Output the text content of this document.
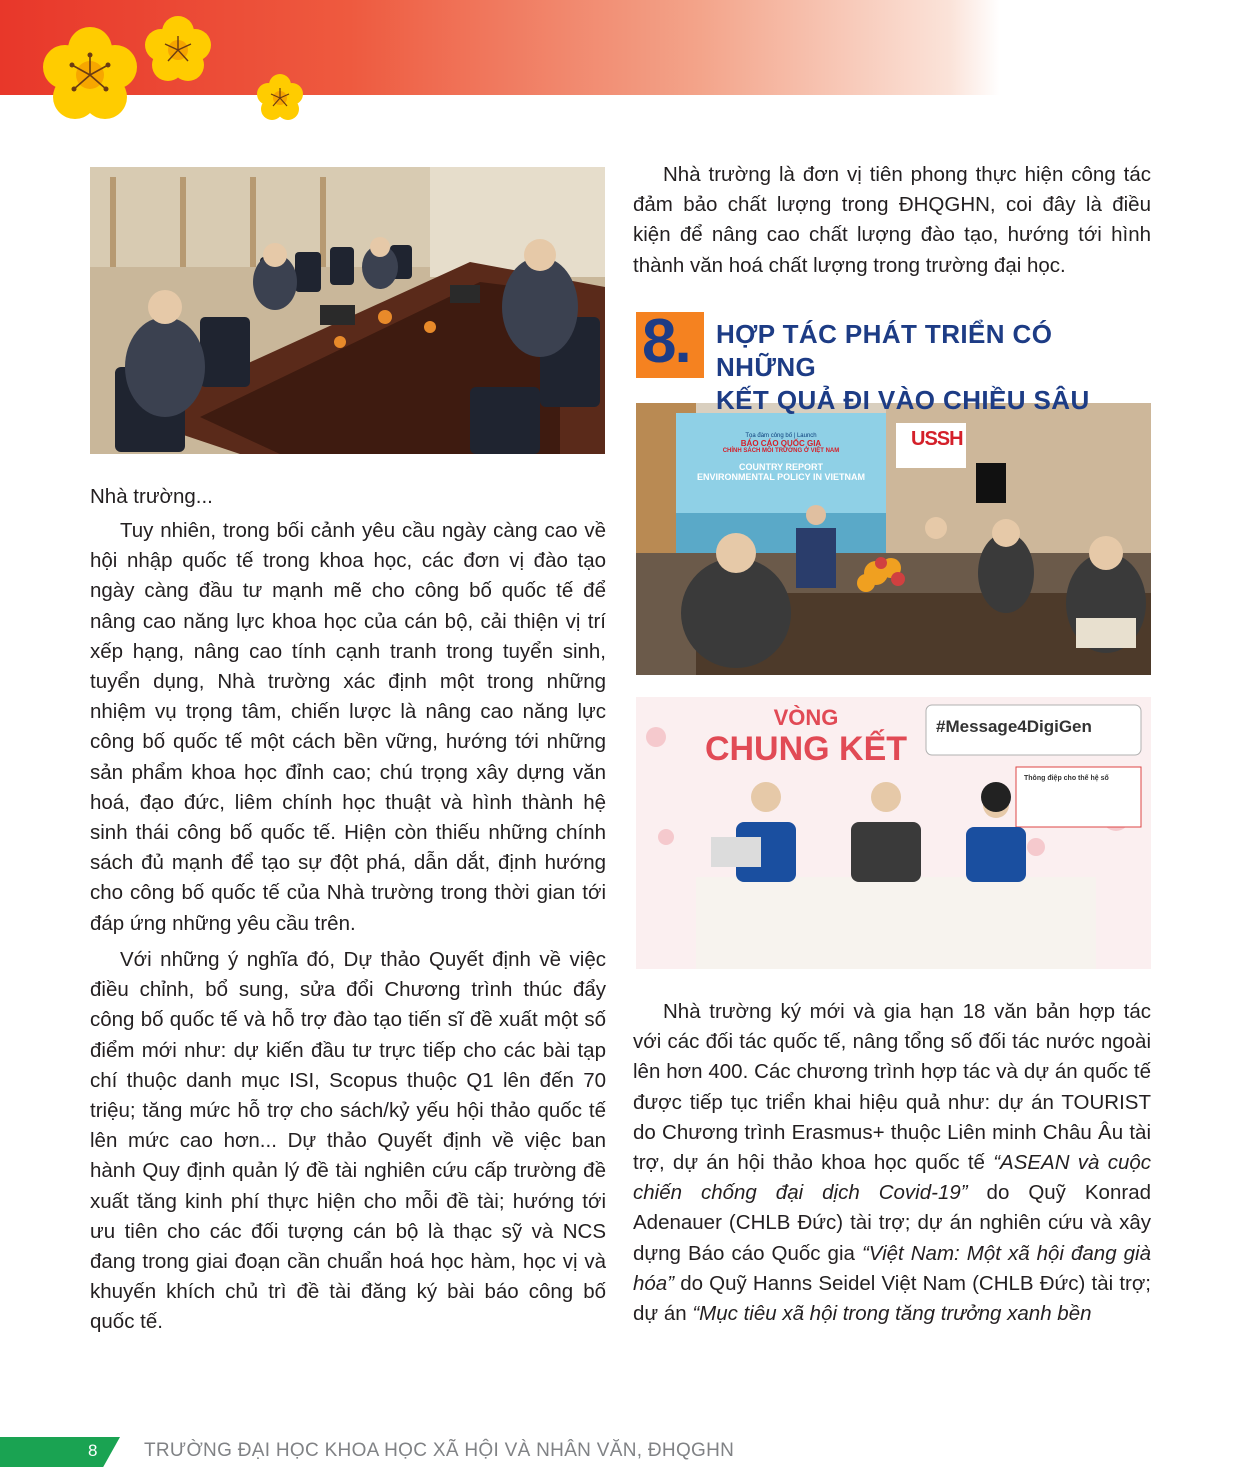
Tọa đàm công bố | Launch
BÁO CÁO QUỐC GIA
CHÍNH SÁCH MÔI TRƯỜNG Ở VIỆT NAM
COUNTRY REPORT
ENVIRONMENTAL POLICY IN VIETNAM
USSH
VÒNG
CHUNG KẾT
#Message4DigiGen
Thông điệp cho thế hệ số

Nhà trường...

Tuy nhiên, trong bối cảnh yêu cầu ngày càng cao về hội nhập quốc tế trong khoa học, các đơn vị đào tạo ngày càng đầu tư mạnh mẽ cho công bố quốc tế để nâng cao năng lực khoa học của cán bộ, cải thiện vị trí xếp hạng, nâng cao tính cạnh tranh trong tuyển sinh, tuyển dụng, Nhà trường xác định một trong những nhiệm vụ trọng tâm, chiến lược là nâng cao năng lực công bố quốc tế một cách bền vững, hướng tới những sản phẩm khoa học đỉnh cao; chú trọng xây dựng văn hoá, đạo đức, liêm chính học thuật và hình thành hệ sinh thái công bố quốc tế. Hiện còn thiếu những chính sách đủ mạnh để tạo sự đột phá, dẫn dắt, định hướng cho công bố quốc tế của Nhà trường trong thời gian tới đáp ứng những yêu cầu trên.

Với những ý nghĩa đó, Dự thảo Quyết định về việc điều chỉnh, bổ sung, sửa đổi Chương trình thúc đẩy công bố quốc tế và hỗ trợ đào tạo tiến sĩ đề xuất một số điểm mới như: dự kiến đầu tư trực tiếp cho các bài tạp chí thuộc danh mục ISI, Scopus thuộc Q1 lên đến 70 triệu; tăng mức hỗ trợ cho sách/kỷ yếu hội thảo quốc tế lên mức cao hơn... Dự thảo Quyết định về việc ban hành Quy định quản lý đề tài nghiên cứu cấp trường đề xuất tăng kinh phí thực hiện cho mỗi đề tài; hướng tới ưu tiên cho các đối tượng cán bộ là thạc sỹ và NCS đang trong giai đoạn cần chuẩn hoá học hàm, học vị và khuyến khích chủ trì đề tài đăng ký bài báo công bố quốc tế.

Nhà trường là đơn vị tiên phong thực hiện công tác đảm bảo chất lượng trong ĐHQGHN, coi đây là điều kiện để nâng cao chất lượng đào tạo, hướng tới hình thành văn hoá chất lượng trong trường đại học.

8. HỢP TÁC PHÁT TRIỂN CÓ NHỮNG
KẾT QUẢ ĐI VÀO CHIỀU SÂU

Nhà trường ký mới và gia hạn 18 văn bản hợp tác với các đối tác quốc tế, nâng tổng số đối tác nước ngoài lên hơn 400. Các chương trình hợp tác và dự án quốc tế được tiếp tục triển khai hiệu quả như: dự án TOURIST do Chương trình Erasmus+ thuộc Liên minh Châu Âu tài trợ, dự án hội thảo khoa học quốc tế “ASEAN và cuộc chiến chống đại dịch Covid-19” do Quỹ Konrad Adenauer (CHLB Đức) tài trợ; dự án nghiên cứu và xây dựng Báo cáo Quốc gia “Việt Nam: Một xã hội đang già hóa” do Quỹ Hanns Seidel Việt Nam (CHLB Đức) tài trợ; dự án “Mục tiêu xã hội trong tăng trưởng xanh bền

8 TRƯỜNG ĐẠI HỌC KHOA HỌC XÃ HỘI VÀ NHÂN VĂN, ĐHQGHN
